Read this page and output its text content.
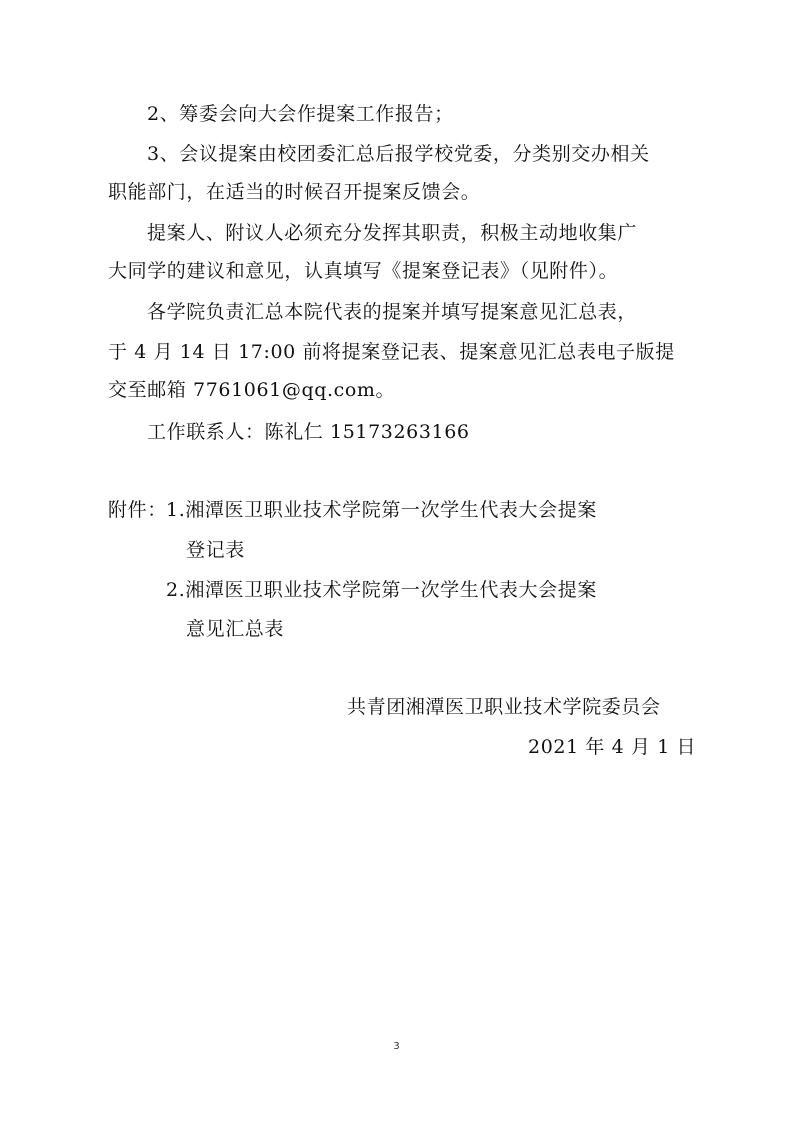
2、筹委会向大会作提案工作报告；
3、会议提案由校团委汇总后报学校党委，分类别交办相关
职能部门，在适当的时候召开提案反馈会。
提案人、附议人必须充分发挥其职责，积极主动地收集广
大同学的建议和意见，认真填写《提案登记表》（见附件）。
各学院负责汇总本院代表的提案并填写提案意见汇总表，
于 4 月 14 日 17:00 前将提案登记表、提案意见汇总表电子版提
交至邮箱 7761061@qq.com。
工作联系人：陈礼仁 15173263166
附件： 1.湘潭医卫职业技术学院第一次学生代表大会提案
登记表
2.湘潭医卫职业技术学院第一次学生代表大会提案
意见汇总表
共青团湘潭医卫职业技术学院委员会
2021 年 4 月 1 日
3
